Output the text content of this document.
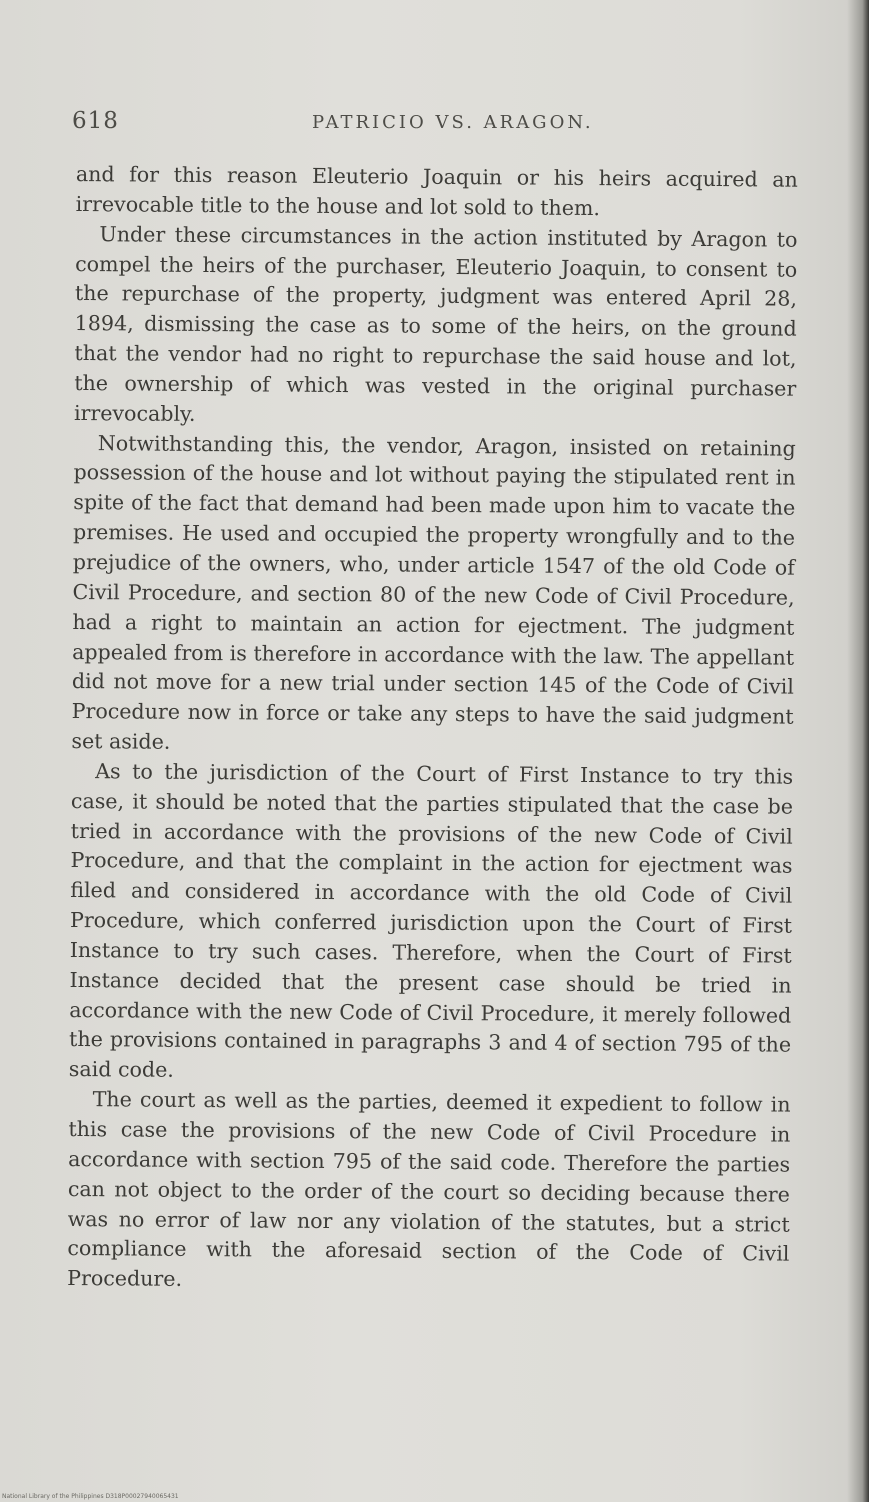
618	PATRICIO VS. ARAGON.

and for this reason Eleuterio Joaquin or his heirs acquired an irrevocable title to the house and lot sold to them.

Under these circumstances in the action instituted by Aragon to compel the heirs of the purchaser, Eleuterio Joaquin, to consent to the repurchase of the property, judgment was entered April 28, 1894, dismissing the case as to some of the heirs, on the ground that the vendor had no right to repurchase the said house and lot, the ownership of which was vested in the original purchaser irrevocably.

Notwithstanding this, the vendor, Aragon, insisted on retaining possession of the house and lot without paying the stipulated rent in spite of the fact that demand had been made upon him to vacate the premises. He used and occupied the property wrongfully and to the prejudice of the owners, who, under article 1547 of the old Code of Civil Procedure, and section 80 of the new Code of Civil Procedure, had a right to maintain an action for ejectment. The judgment appealed from is therefore in accordance with the law. The appellant did not move for a new trial under section 145 of the Code of Civil Procedure now in force or take any steps to have the said judgment set aside.

As to the jurisdiction of the Court of First Instance to try this case, it should be noted that the parties stipulated that the case be tried in accordance with the provisions of the new Code of Civil Procedure, and that the complaint in the action for ejectment was filed and considered in accordance with the old Code of Civil Procedure, which conferred jurisdiction upon the Court of First Instance to try such cases. Therefore, when the Court of First Instance decided that the present case should be tried in accordance with the new Code of Civil Procedure, it merely followed the provisions contained in paragraphs 3 and 4 of section 795 of the said code.

The court as well as the parties, deemed it expedient to follow in this case the provisions of the new Code of Civil Procedure in accordance with section 795 of the said code. Therefore the parties can not object to the order of the court so deciding because there was no error of law nor any violation of the statutes, but a strict compliance with the aforesaid section of the Code of Civil Procedure.

National Library of the Philippines D318P00027940065431
